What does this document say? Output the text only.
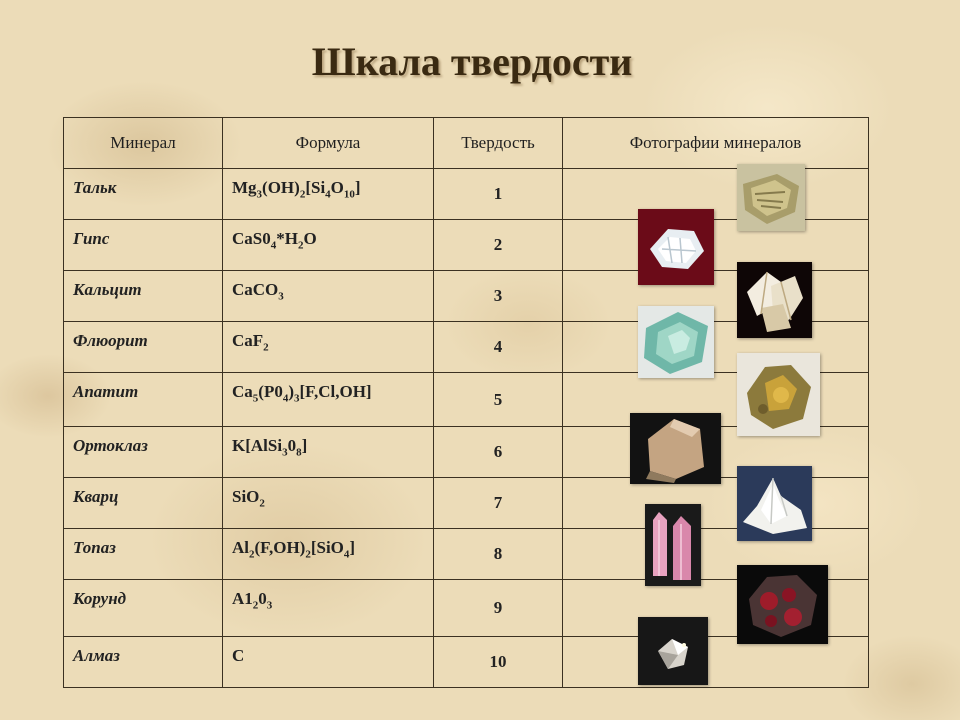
Шкала твердости
Минерал	Формула	Твердость	Фотографии минералов
Тальк	$Mg_3(OH)_2[Si_4O_{10}]$	1	
Гипс	$CaS0_4*H_2O$	2	
Кальцит	CaCO$_3$	3	
Флюорит	CaF$_2$	4	
Апатит	$Ca_5(P0_4)_3[F,Cl,OH]$	5	
Ортоклаз	$K[AlSi_30_8]$	6	
Кварц	SiO$_2$	7	
Топаз	$Al_2(F,OH)_2[SiO_4]$	8	
Корунд	$A1_20_3$	9	
Алмаз	C	10	
